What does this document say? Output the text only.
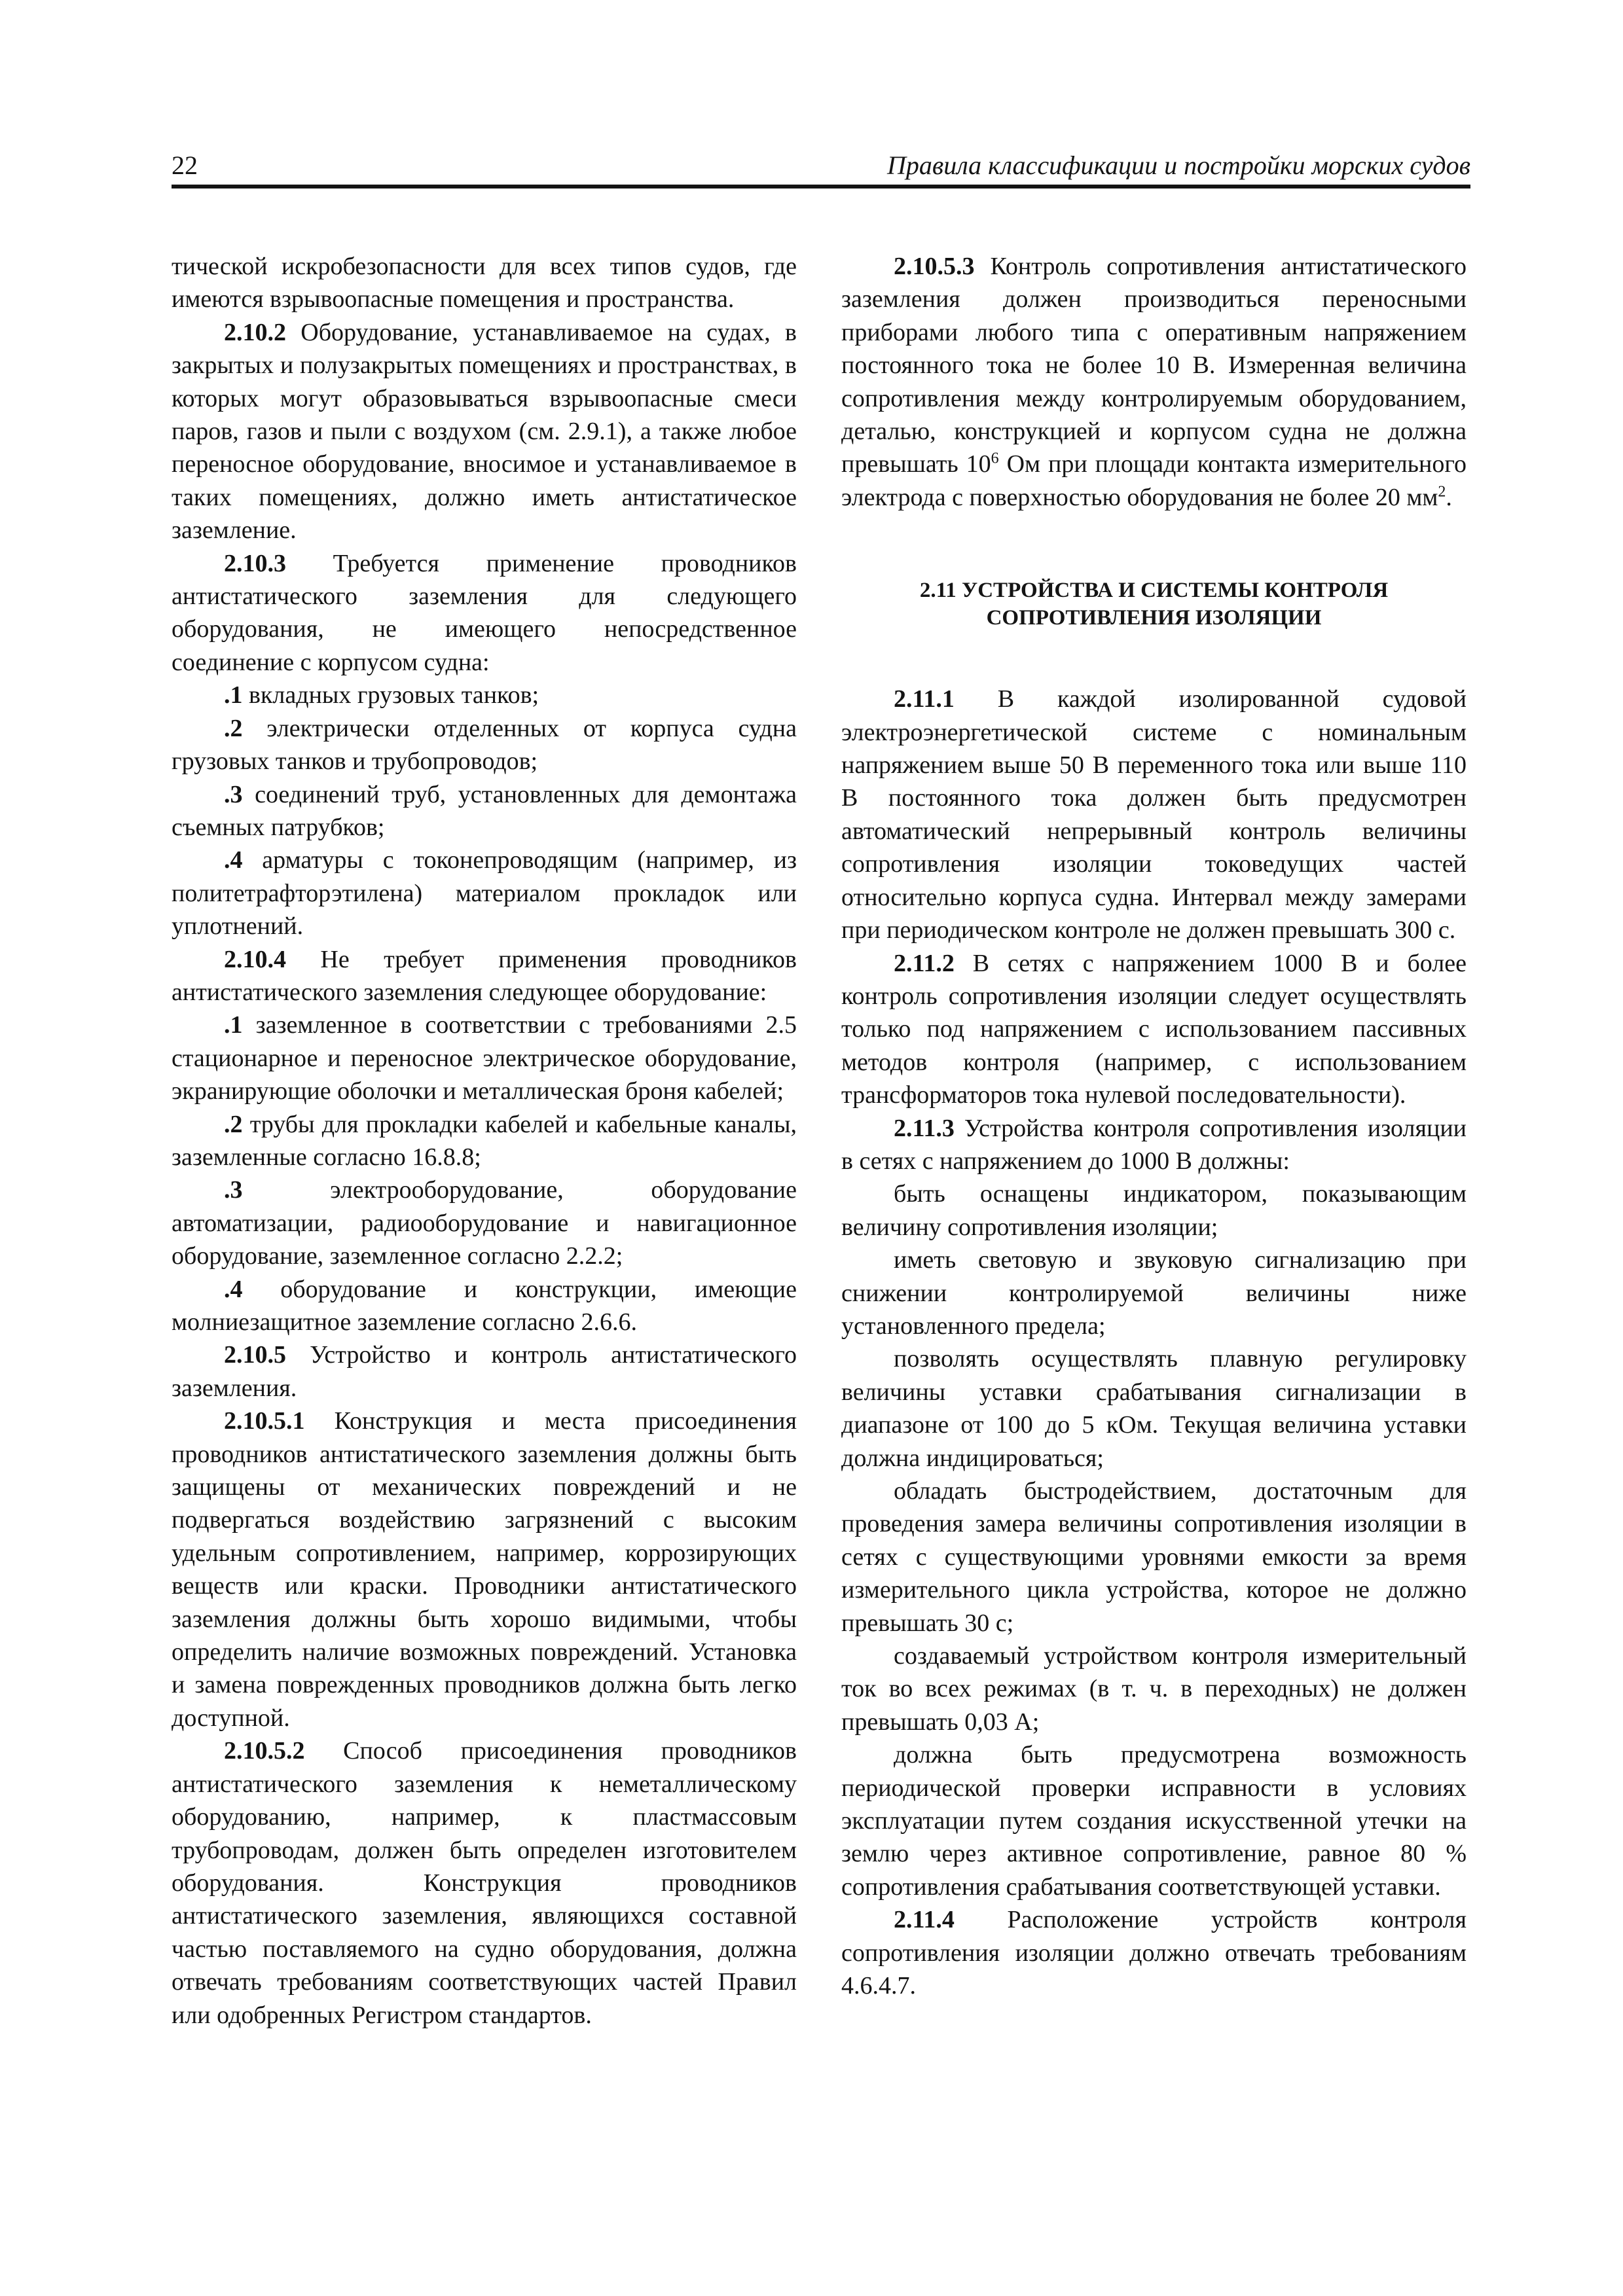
22	Правила классификации и постройки морских судов

тической искробезопасности для всех типов судов, где имеются взрывоопасные помещения и пространства.

2.10.2 Оборудование, устанавливаемое на судах, в закрытых и полузакрытых помещениях и пространствах, в которых могут образовываться взрывоопасные смеси паров, газов и пыли с воздухом (см. 2.9.1), а также любое переносное оборудование, вносимое и устанавливаемое в таких помещениях, должно иметь антистатическое заземление.

2.10.3 Требуется применение проводников антистатического заземления для следующего оборудования, не имеющего непосредственное соединение с корпусом судна:

.1 вкладных грузовых танков;

.2 электрически отделенных от корпуса судна грузовых танков и трубопроводов;

.3 соединений труб, установленных для демонтажа съемных патрубков;

.4 арматуры с токонепроводящим (например, из политетрафторэтилена) материалом прокладок или уплотнений.

2.10.4 Не требует применения проводников антистатического заземления следующее оборудование:

.1 заземленное в соответствии с требованиями 2.5 стационарное и переносное электрическое оборудование, экранирующие оболочки и металлическая броня кабелей;

.2 трубы для прокладки кабелей и кабельные каналы, заземленные согласно 16.8.8;

.3 электрооборудование, оборудование автоматизации, радиооборудование и навигационное оборудование, заземленное согласно 2.2.2;

.4 оборудование и конструкции, имеющие молниезащитное заземление согласно 2.6.6.

2.10.5 Устройство и контроль антистатического заземления.

2.10.5.1 Конструкция и места присоединения проводников антистатического заземления должны быть защищены от механических повреждений и не подвергаться воздействию загрязнений с высоким удельным сопротивлением, например, коррозирующих веществ или краски. Проводники антистатического заземления должны быть хорошо видимыми, чтобы определить наличие возможных повреждений. Установка и замена поврежденных проводников должна быть легко доступной.

2.10.5.2 Способ присоединения проводников антистатического заземления к неметаллическому оборудованию, например, к пластмассовым трубопроводам, должен быть определен изготовителем оборудования. Конструкция проводников антистатического заземления, являющихся составной частью поставляемого на судно оборудования, должна отвечать требованиям соответствующих частей Правил или одобренных Регистром стандартов.

2.10.5.3 Контроль сопротивления антистатического заземления должен производиться переносными приборами любого типа с оперативным напряжением постоянного тока не более 10 В. Измеренная величина сопротивления между контролируемым оборудованием, деталью, конструкцией и корпусом судна не должна превышать $10^6$ Ом при площади контакта измерительного электрода с поверхностью оборудования не более 20 $мм^2$.

2.11 УСТРОЙСТВА И СИСТЕМЫ КОНТРОЛЯ
СОПРОТИВЛЕНИЯ ИЗОЛЯЦИИ

2.11.1 В каждой изолированной судовой электроэнергетической системе с номинальным напряжением выше 50 В переменного тока или выше 110 В постоянного тока должен быть предусмотрен автоматический непрерывный контроль величины сопротивления изоляции токоведущих частей относительно корпуса судна. Интервал между замерами при периодическом контроле не должен превышать 300 с.

2.11.2 В сетях с напряжением 1000 В и более контроль сопротивления изоляции следует осуществлять только под напряжением с использованием пассивных методов контроля (например, с использованием трансформаторов тока нулевой последовательности).

2.11.3 Устройства контроля сопротивления изоляции в сетях с напряжением до 1000 В должны:

быть оснащены индикатором, показывающим величину сопротивления изоляции;

иметь световую и звуковую сигнализацию при снижении контролируемой величины ниже установленного предела;

позволять осуществлять плавную регулировку величины уставки срабатывания сигнализации в диапазоне от 100 до 5 кОм. Текущая величина уставки должна индицироваться;

обладать быстродействием, достаточным для проведения замера величины сопротивления изоляции в сетях с существующими уровнями емкости за время измерительного цикла устройства, которое не должно превышать 30 с;

создаваемый устройством контроля измерительный ток во всех режимах (в т. ч. в переходных) не должен превышать 0,03 А;

должна быть предусмотрена возможность периодической проверки исправности в условиях эксплуатации путем создания искусственной утечки на землю через активное сопротивление, равное 80 % сопротивления срабатывания соответствующей уставки.

2.11.4 Расположение устройств контроля сопротивления изоляции должно отвечать требованиям 4.6.4.7.
